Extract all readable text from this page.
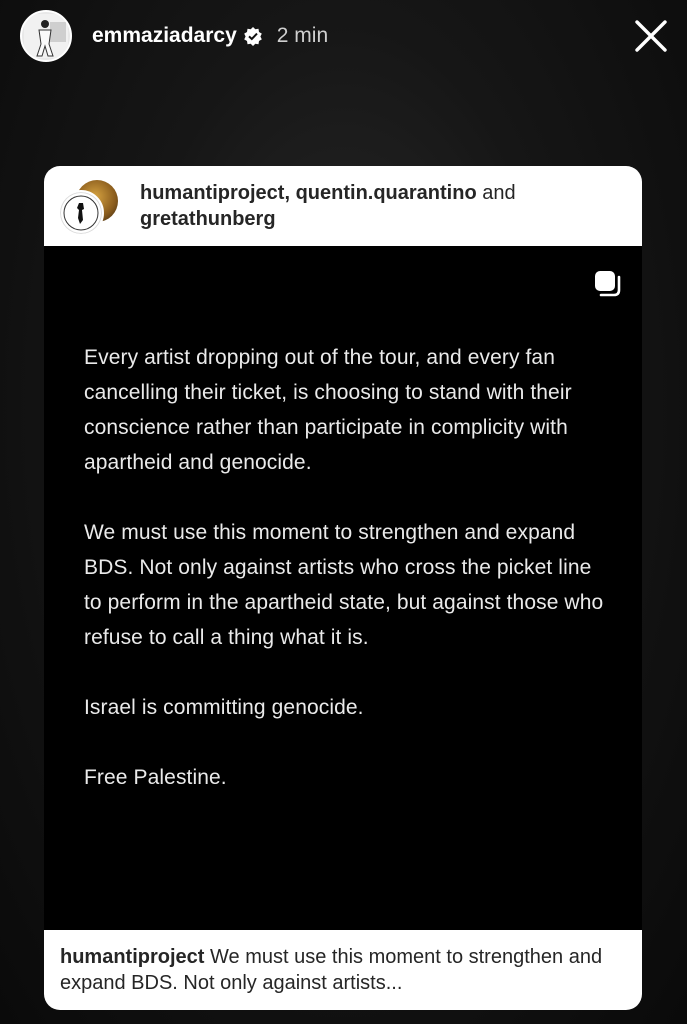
emmaziadarcy 2 min
humantiproject, quentin.quarantino and gretathunberg

Every artist dropping out of the tour, and every fan cancelling their ticket, is choosing to stand with their conscience rather than participate in complicity with apartheid and genocide.

We must use this moment to strengthen and expand BDS. Not only against artists who cross the picket line to perform in the apartheid state, but against those who refuse to call a thing what it is.

Israel is committing genocide.

Free Palestine.

humantiproject We must use this moment to strengthen and expand BDS. Not only against artists...
